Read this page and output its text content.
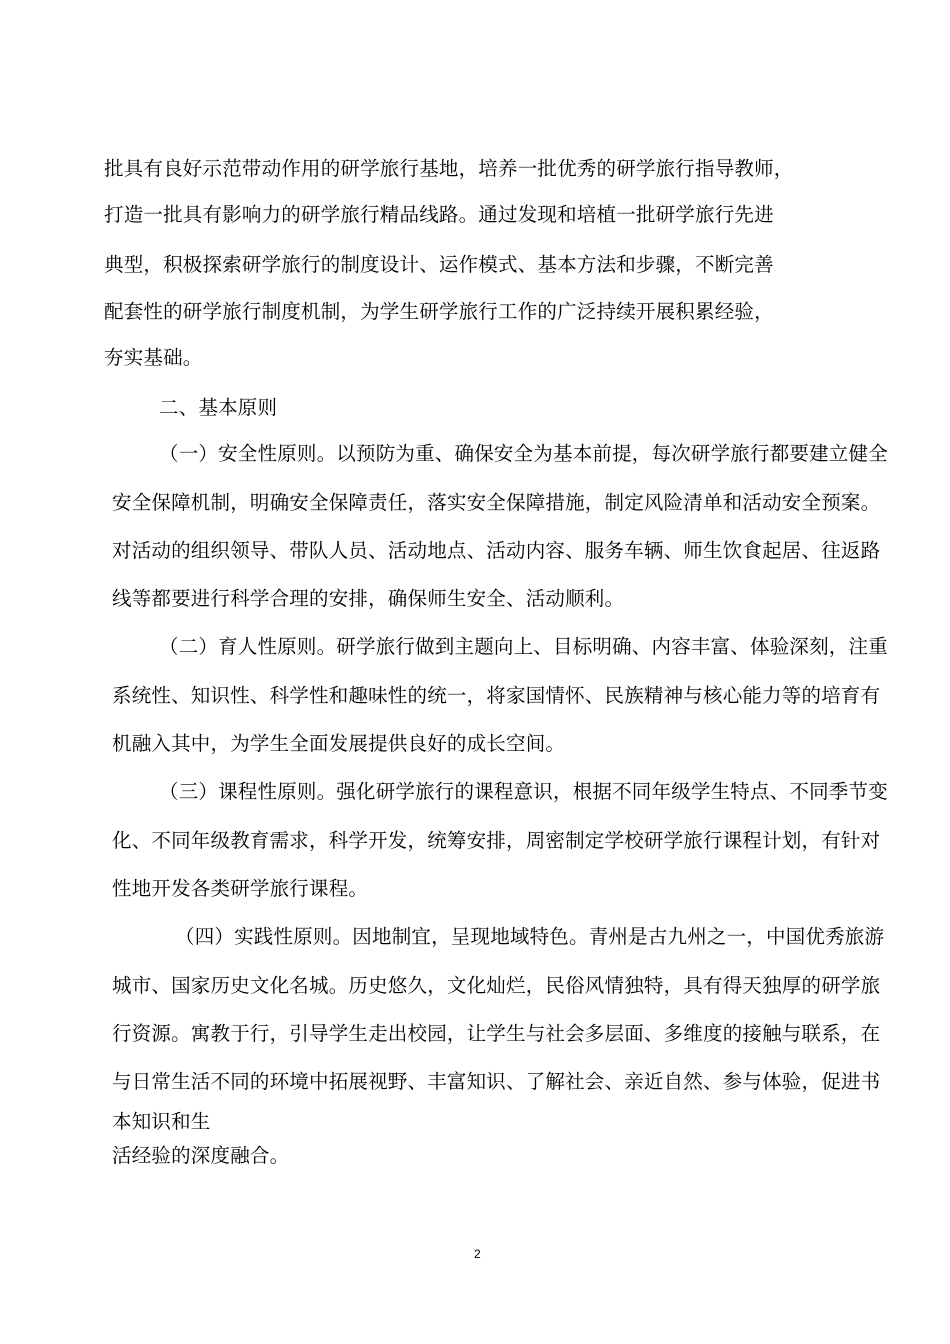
批具有良好示范带动作用的研学旅行基地，培养一批优秀的研学旅行指导教师，
打造一批具有影响力的研学旅行精品线路。通过发现和培植一批研学旅行先进
典型，积极探索研学旅行的制度设计、运作模式、基本方法和步骤，不断完善
配套性的研学旅行制度机制，为学生研学旅行工作的广泛持续开展积累经验，
夯实基础。
二、基本原则
（一）安全性原则。以预防为重、确保安全为基本前提，每次研学旅行都要建立健全
安全保障机制，明确安全保障责任，落实安全保障措施，制定风险清单和活动安全预案。
对活动的组织领导、带队人员、活动地点、活动内容、服务车辆、师生饮食起居、往返路
线等都要进行科学合理的安排，确保师生安全、活动顺利。
（二）育人性原则。研学旅行做到主题向上、目标明确、内容丰富、体验深刻，注重
系统性、知识性、科学性和趣味性的统一，将家国情怀、民族精神与核心能力等的培育有
机融入其中，为学生全面发展提供良好的成长空间。
（三）课程性原则。强化研学旅行的课程意识，根据不同年级学生特点、不同季节变
化、不同年级教育需求，科学开发，统筹安排，周密制定学校研学旅行课程计划，有针对
性地开发各类研学旅行课程。
（四）实践性原则。因地制宜，呈现地域特色。青州是古九州之一，中国优秀旅游
城市、国家历史文化名城。历史悠久，文化灿烂，民俗风情独特，具有得天独厚的研学旅
行资源。寓教于行，引导学生走出校园，让学生与社会多层面、多维度的接触与联系，在
与日常生活不同的环境中拓展视野、丰富知识、了解社会、亲近自然、参与体验，促进书
本知识和生
活经验的深度融合。
2
